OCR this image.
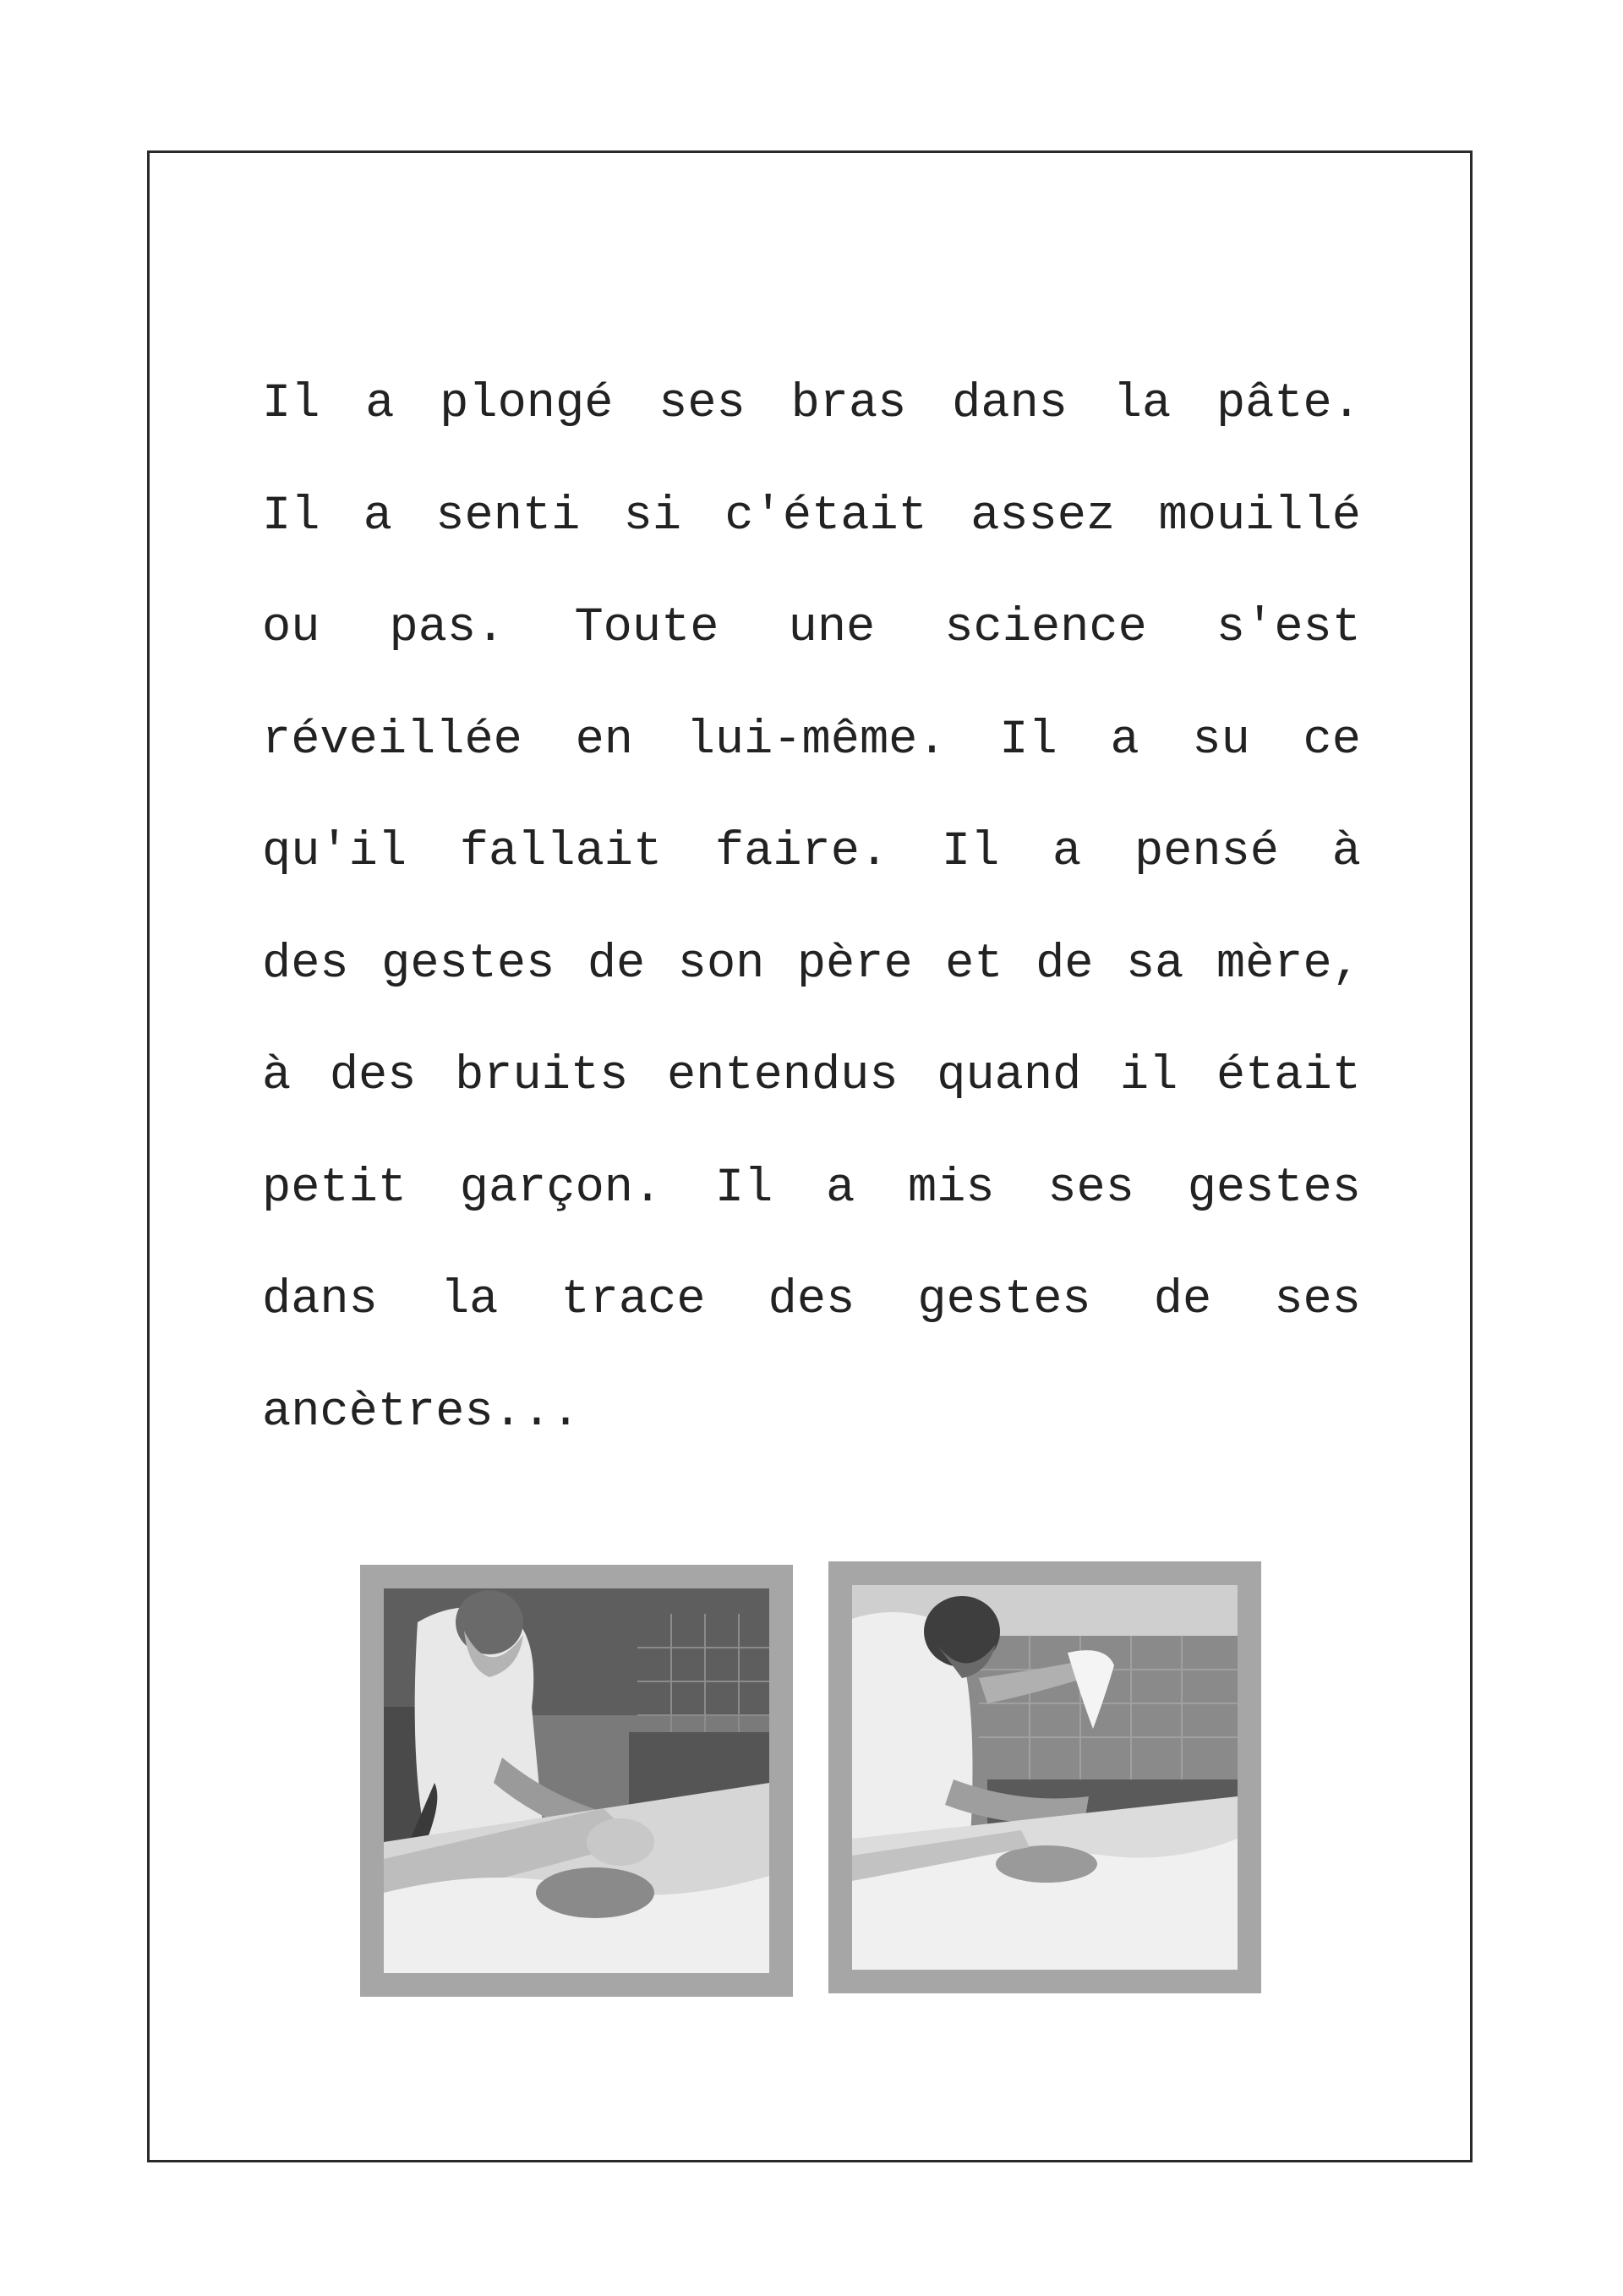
Il a plongé ses bras dans la pâte.
Il a senti si c'était assez mouillé
ou pas. Toute une science s'est
réveillée en lui-même. Il a su ce
qu'il fallait faire. Il a pensé à
des gestes de son père et de sa mère,
à des bruits entendus quand il était
petit garçon. Il a mis ses gestes
dans la trace des gestes de ses
ancètres...
